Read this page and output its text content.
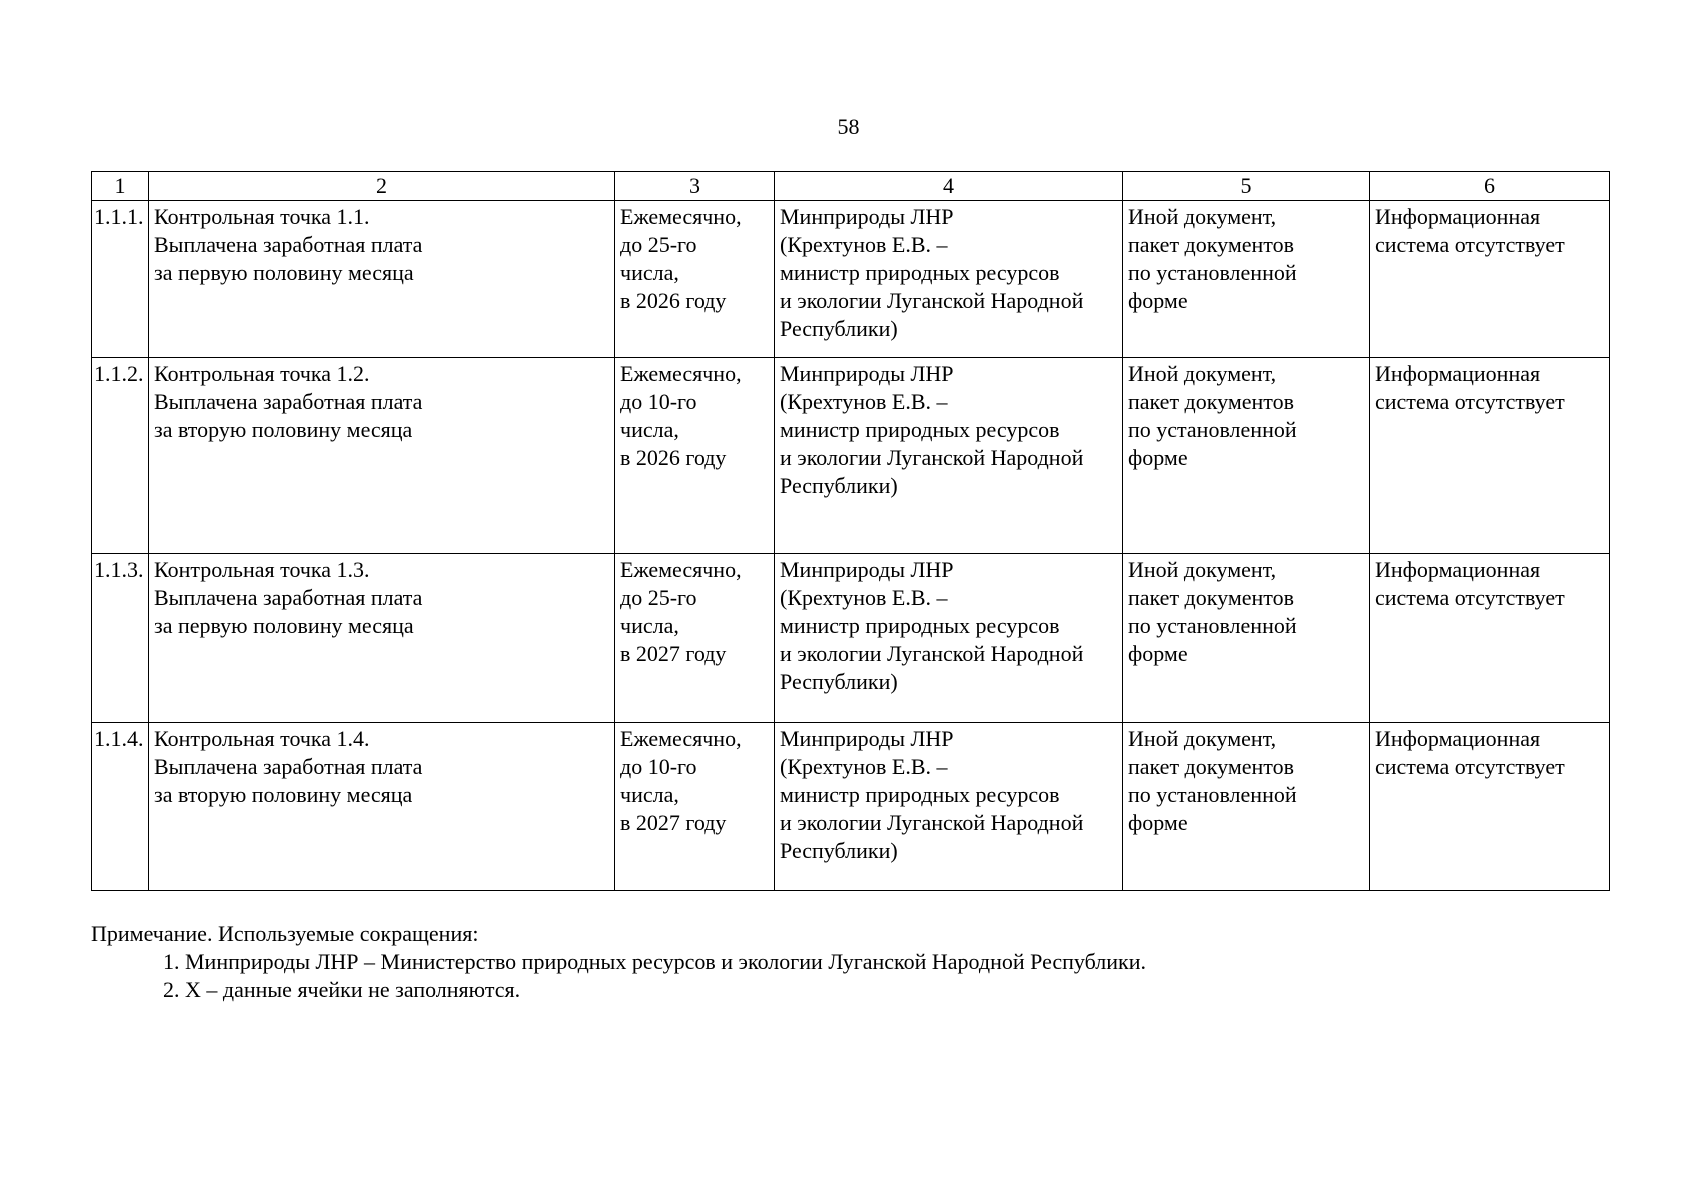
58
1	2	3	4	5	6
1.1.1.	Контрольная точка 1.1.
Выплачена заработная плата
за первую половину месяца	Ежемесячно,
до 25-го
числа,
в 2026 году	Минприроды ЛНР
(Крехтунов Е.В. –
министр природных ресурсов
и экологии Луганской Народной
Республики)	Иной документ,
пакет документов
по установленной
форме	Информационная
система отсутствует

1.1.2.	Контрольная точка 1.2.
Выплачена заработная плата
за вторую половину месяца	Ежемесячно,
до 10-го
числа,
в 2026 году	Минприроды ЛНР
(Крехтунов Е.В. –
министр природных ресурсов
и экологии Луганской Народной
Республики)	Иной документ,
пакет документов
по установленной
форме	Информационная
система отсутствует

1.1.3.	Контрольная точка 1.3.
Выплачена заработная плата
за первую половину месяца	Ежемесячно,
до 25-го
числа,
в 2027 году	Минприроды ЛНР
(Крехтунов Е.В. –
министр природных ресурсов
и экологии Луганской Народной
Республики)	Иной документ,
пакет документов
по установленной
форме	Информационная
система отсутствует

1.1.4.	Контрольная точка 1.4.
Выплачена заработная плата
за вторую половину месяца	Ежемесячно,
до 10-го
числа,
в 2027 году	Минприроды ЛНР
(Крехтунов Е.В. –
министр природных ресурсов
и экологии Луганской Народной
Республики)	Иной документ,
пакет документов
по установленной
форме	Информационная
система отсутствует
Примечание. Используемые сокращения:
1. Минприроды ЛНР – Министерство природных ресурсов и экологии Луганской Народной Республики.
2. X – данные ячейки не заполняются.
